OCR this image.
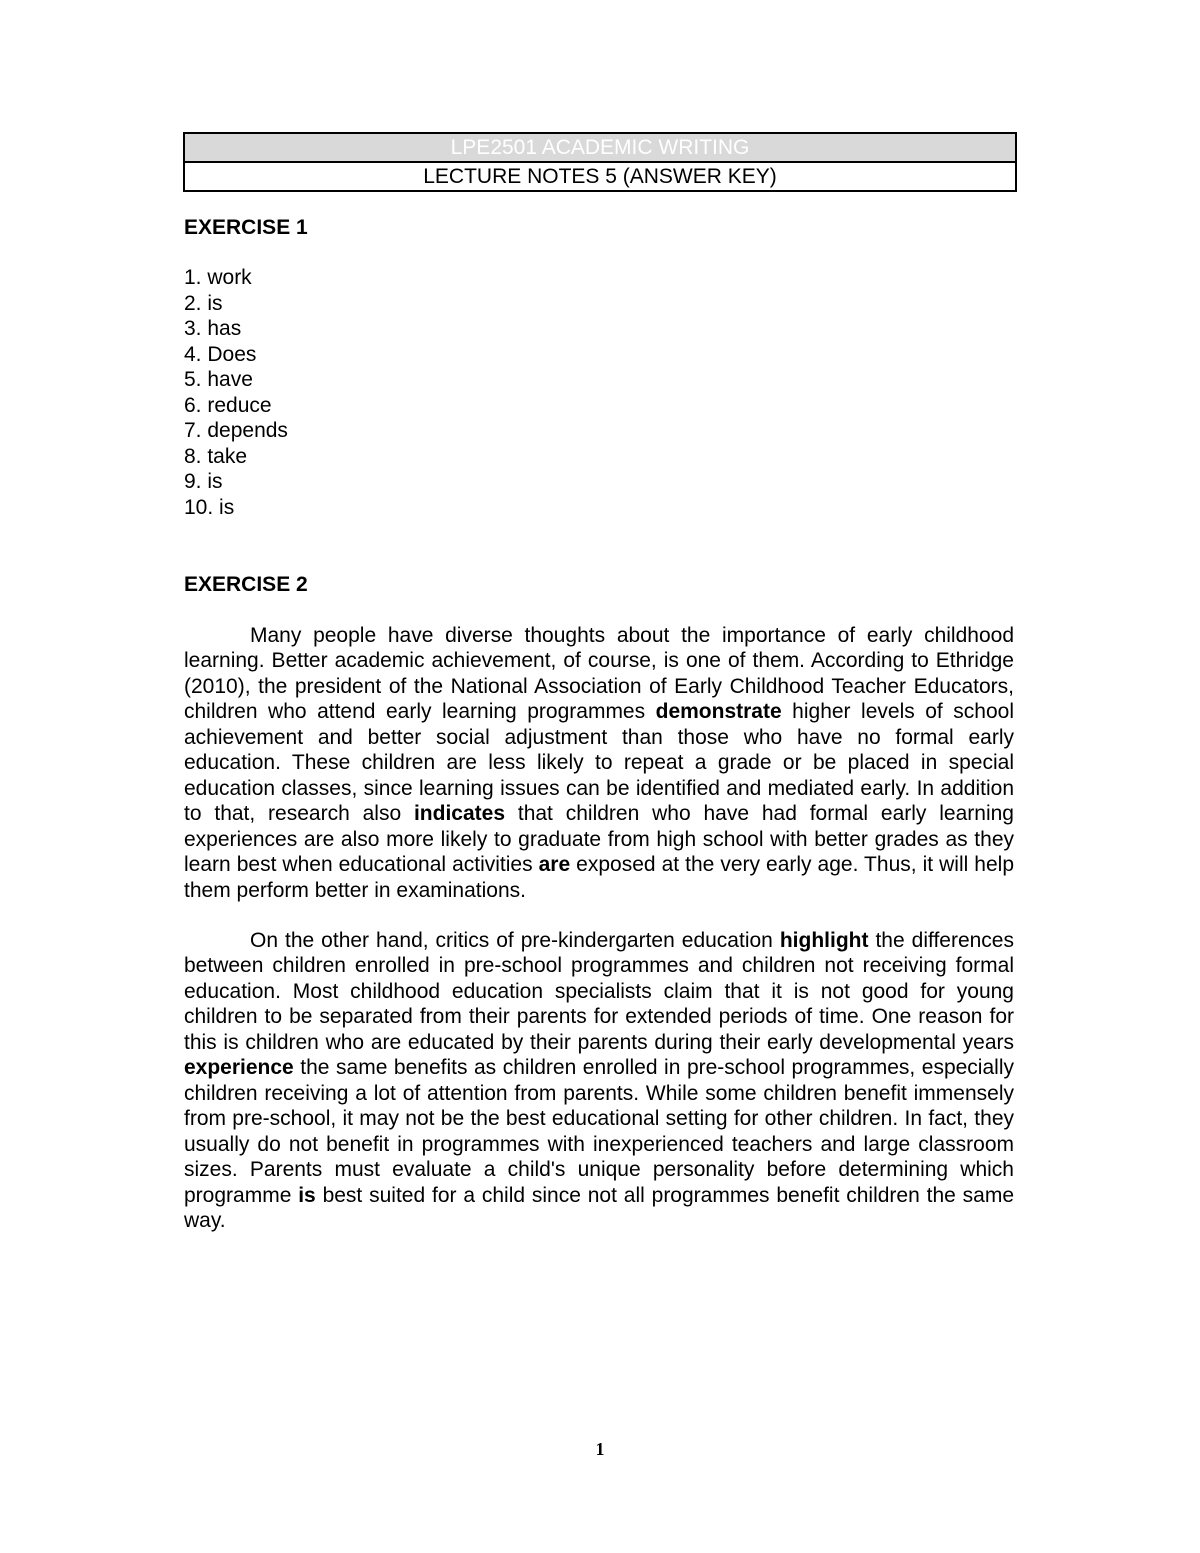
LPE2501 ACADEMIC WRITING
LECTURE NOTES 5 (ANSWER KEY)
EXERCISE 1
1. work
2. is
3. has
4. Does
5. have
6. reduce
7. depends
8. take
9. is
10. is
EXERCISE 2

Many people have diverse thoughts about the importance of early childhood learning. Better academic achievement, of course, is one of them. According to Ethridge (2010), the president of the National Association of Early Childhood Teacher Educators, children who attend early learning programmes demonstrate higher levels of school achievement and better social adjustment than those who have no formal early education. These children are less likely to repeat a grade or be placed in special education classes, since learning issues can be identified and mediated early. In addition to that, research also indicates that children who have had formal early learning experiences are also more likely to graduate from high school with better grades as they learn best when educational activities are exposed at the very early age. Thus, it will help them perform better in examinations.

On the other hand, critics of pre-kindergarten education highlight the differences between children enrolled in pre-school programmes and children not receiving formal education. Most childhood education specialists claim that it is not good for young children to be separated from their parents for extended periods of time. One reason for this is children who are educated by their parents during their early developmental years experience the same benefits as children enrolled in pre-school programmes, especially children receiving a lot of attention from parents. While some children benefit immensely from pre-school, it may not be the best educational setting for other children. In fact, they usually do not benefit in programmes with inexperienced teachers and large classroom sizes. Parents must evaluate a child's unique personality before determining which programme is best suited for a child since not all programmes benefit children the same way.

1
